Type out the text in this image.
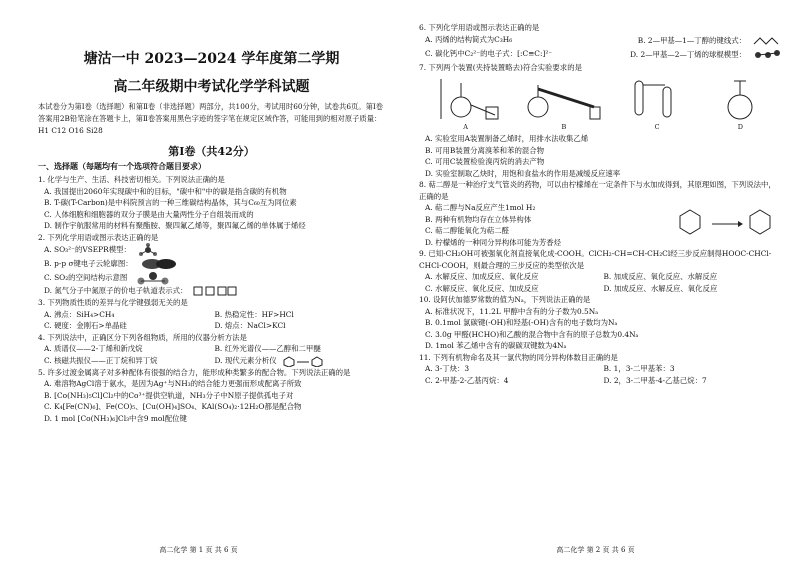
塘沽一中 2023—2024 学年度第二学期
高二年级期中考试化学学科试题
本试卷分为第Ⅰ卷（选择题）和第Ⅱ卷（非选择题）两部分，共100分，考试用时60分钟，试卷共6页。第Ⅰ卷答案用2B铅笔涂在答题卡上，第Ⅱ卷答案用黑色字迹的签字笔在规定区域作答，可能用到的相对原子质量：H1 C12 O16 Si28
第Ⅰ卷（共42分）
一、选择题（每题均有一个选项符合题目要求）
1. 化学与生产、生活、科技密切相关。下列说法正确的是
A. 我国提出2060年实现碳中和的目标，"碳中和"中的碳是指含碳的有机物
B. T-碳(T-Carbon)是中科院预言的一种三维碳结构晶体，其与C₆₀互为同位素
C. 人体细胞和细胞器的双分子膜是由大量两性分子自组装而成的
D. 制作宇航服常用的材料有聚酯胺、聚四氟乙烯等，聚四氟乙烯的单体属于烯烃
2. 下列化学用语或图示表达正确的是
A. SO₃²⁻的VSEPR模型：
B. p-p σ键电子云轮廓图：
C. SO₂的空间结构示意图
D. 氮气分子中氮原子的价电子轨道表示式：
3. 下列物质性质的差异与化学键强弱无关的是
A. 沸点：SiH₄>CH₄	B. 热稳定性：HF>HCl
C. 硬度：金刚石>单晶硅	D. 熔点：NaCl>KCl
4. 下列说法中，正确区分下列各组物质，所用的仪器分析方法是
A. 质谱仪——2-丁烯和新戊烷	B. 红外光谱仪——乙醇和二甲醚
C. 核磁共振仪——正丁烷和异丁烷	D. 现代元素分析仪
5. 许多过渡金属离子对多种配体有很强的结合力，能形成种类繁多的配合物。下列说法正确的是
A. 难溶物AgCl溶于氨水，是因为Ag⁺与NH₃的结合能力更强而形成配离子所致
B. [Co(NH₃)₅Cl]Cl₂中的Co³⁺提供空轨道，NH₃分子中N原子提供孤电子对
C. K₄[Fe(CN)₆]、Fe(CO)₅、[Cu(OH)₄]SO₄、KAl(SO₄)₂·12H₂O都是配合物
D. 1 mol [Co(NH₃)₆]Cl₃中含9 mol配位键
高二化学 第 1 页 共 6 页
6. 下列化学用语或图示表达正确的是
A. 丙烯的结构简式为C₃H₆	B. 2—甲基—1—丁醇的键线式：
C. 碳化钙中C₂²⁻的电子式：[:C≡C:]²⁻	D. 2—甲基—2—丁烯的球棍模型：
7. 下列两个装置(夹持装置略去)符合实验要求的是
A	B	C	D
A. 实验室用A装置制备乙烯时，用排水法收集乙烯
B. 可用B装置分离溴苯和苯的混合物
C. 可用C装置检验溴丙烷的消去产物
D. 实验室制取乙炔时，用饱和食盐水的作用是减缓反应速率
8. 萜二醇是一种治疗支气管炎的药物，可以由柠檬烯在一定条件下与水加成得到，其原理如图，下列说法中，正确的是
A. 萜二醇与Na反应产生1mol H₂
B. 两种有机物均存在立体异构体
C. 萜二醇能氧化为萜二醛
D. 柠檬烯的一种同分异构体可能为芳香烃
9. 已知-CH₂OH可被强氧化剂直接氧化成-COOH。ClCH₂-CH=CH-CH₂Cl经三步反应制得HOOC-CHCl-CHCl-COOH，则最合理的三步反应的类型依次是
A. 水解反应、加成反应、氧化反应	B. 加成反应、氧化反应、水解反应
C. 水解反应、氧化反应、加成反应	D. 加成反应、水解反应、氧化反应
10. 设阿伏加德罗常数的值为Nₐ，下列说法正确的是
A. 标准状况下，11.2L 甲醇中含有的分子数为0.5Nₐ
B. 0.1mol 氯碳键(-OH)和羟基(-OH)含有的电子数均为Nₐ
C. 3.0g 甲醛(HCHO)和乙酸的混合物中含有的原子总数为0.4Nₐ
D. 1mol 苯乙烯中含有的碳碳双键数为4Nₐ
11. 下列有机物命名及其一氯代物的同分异构体数目正确的是
A. 3-丁炔：3	B. 1，3-二甲基苯：3
C. 2-甲基-2-乙基丙烷：4	D. 2，3-二甲基-4-乙基己烷：7
高二化学 第 2 页 共 6 页
